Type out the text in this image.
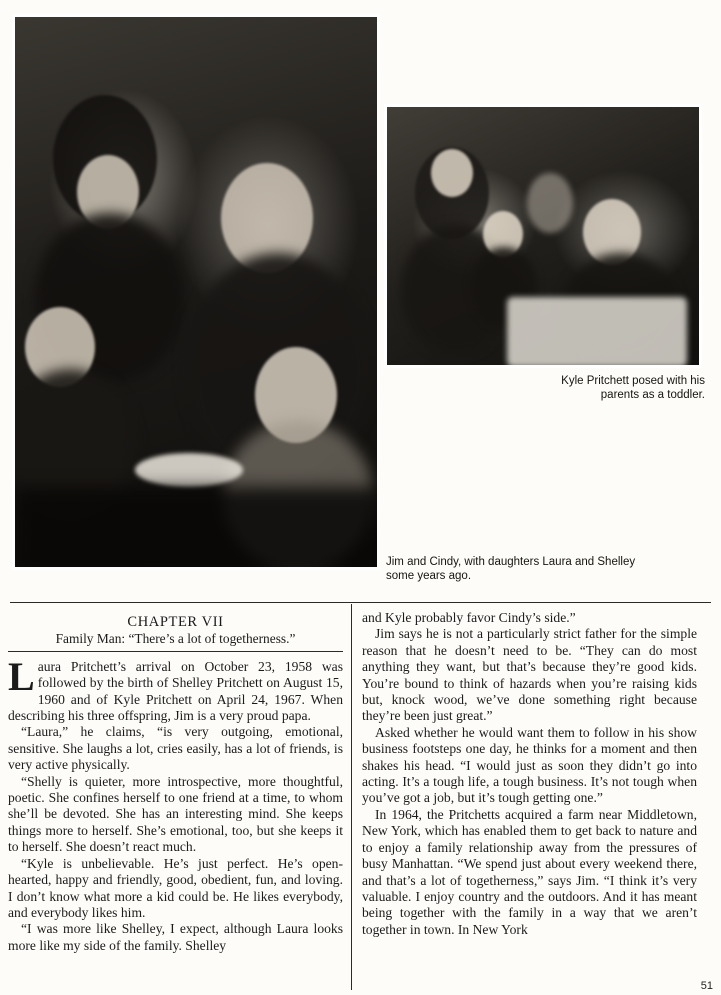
Kyle Pritchett posed with his parents as a toddler.
Jim and Cindy, with daughters Laura and Shelley some years ago.
CHAPTER VII
Family Man: “There’s a lot of togetherness.”

Laura Pritchett’s arrival on October 23, 1958 was followed by the birth of Shelley Pritchett on August 15, 1960 and of Kyle Pritchett on April 24, 1967. When describing his three offspring, Jim is a very proud papa.

“Laura,” he claims, “is very outgoing, emotional, sensitive. She laughs a lot, cries easily, has a lot of friends, is very active physically.

“Shelly is quieter, more introspective, more thoughtful, poetic. She confines herself to one friend at a time, to whom she’ll be devoted. She has an interesting mind. She keeps things more to herself. She’s emotional, too, but she keeps it to herself. She doesn’t react much.

“Kyle is unbelievable. He’s just perfect. He’s open-hearted, happy and friendly, good, obedient, fun, and loving. I don’t know what more a kid could be. He likes everybody, and everybody likes him.

“I was more like Shelley, I expect, although Laura looks more like my side of the family. Shelley

and Kyle probably favor Cindy’s side.”

Jim says he is not a particularly strict father for the simple reason that he doesn’t need to be. “They can do most anything they want, but that’s because they’re good kids. You’re bound to think of hazards when you’re raising kids but, knock wood, we’ve done something right because they’re been just great.”

Asked whether he would want them to follow in his show business footsteps one day, he thinks for a moment and then shakes his head. “I would just as soon they didn’t go into acting. It’s a tough life, a tough business. It’s not tough when you’ve got a job, but it’s tough getting one.”

In 1964, the Pritchetts acquired a farm near Middletown, New York, which has enabled them to get back to nature and to enjoy a family relationship away from the pressures of busy Manhattan. “We spend just about every weekend there, and that’s a lot of togetherness,” says Jim. “I think it’s very valuable. I enjoy country and the outdoors. And it has meant being together with the family in a way that we aren’t together in town. In New York

51
